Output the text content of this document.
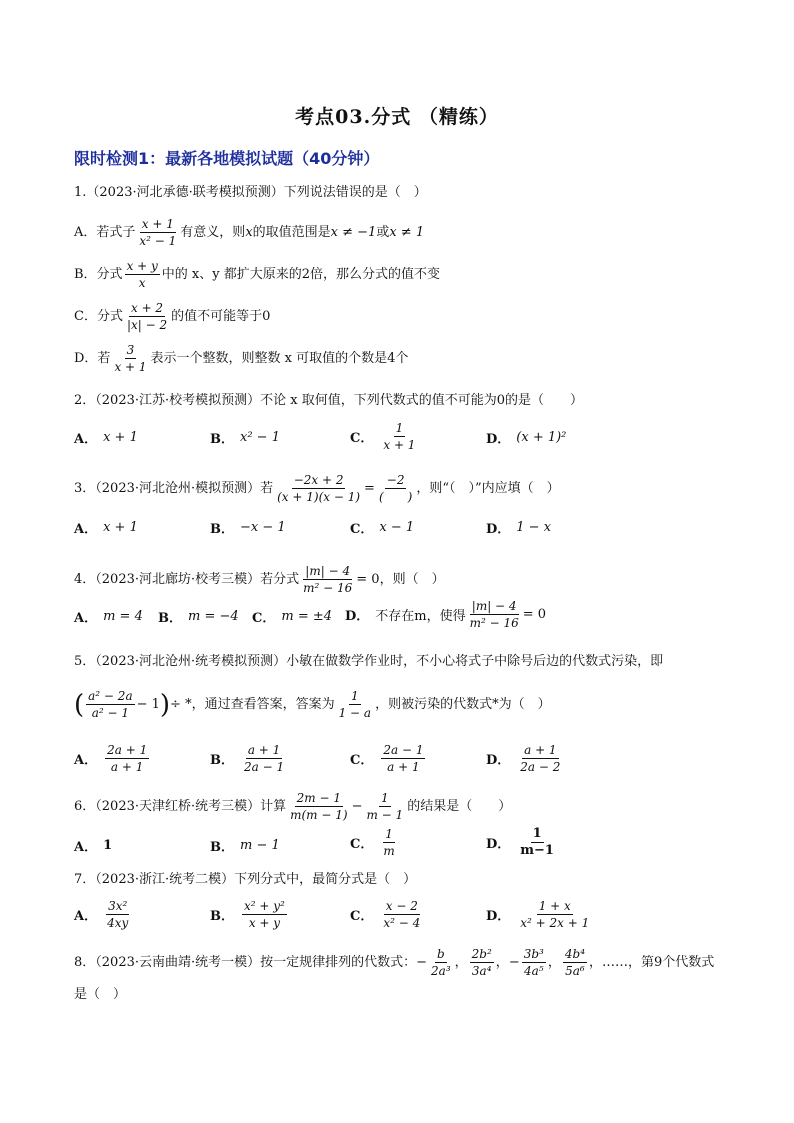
考点03.分式 （精练）
限时检测1：最新各地模拟试题（40分钟）
1.（2023·河北承德·联考模拟预测）下列说法错误的是（　）
A．若式子 $\frac{x + 1}{\text{x² − 1}}$ 有意义，则 x 的取值范围是 x ≠ −1 或 x ≠ 1
B．分式 $\frac{x + y}{x}$ 中的 x、y 都扩大原来的2倍，那么分式的值不变
C．分式 $\frac{x + 2}{|x| - 2}$ 的值不可能等于0
D．若 $\frac{3}{x + 1}$ 表示一个整数，则整数 x 可取值的个数是4个
2．（2023·江苏·校考模拟预测）不论 x 取何值，下列代数式的值不可能为0的是（　　）
A． x + 1	B． x² − 1	C． $\frac{1}{x + 1}$	D． (x + 1)²
3．（2023·河北沧州·模拟预测）若 $\frac{-2x + 2}{(x + 1)(x - 1)} = \frac{-2}{( )}$ ，则“（　）”内应填（　）
A． x + 1	B． −x − 1	C． x − 1	D． 1 − x
4．（2023·河北廊坊·校考三模）若分式 $\frac{|m| - 4}{\text{m² − 16}} = 0$，则（　）
A． m = 4 B． m = −4 C． m = ±4 D． 不存在m，使得 $\frac{|m| - 4}{\text{m² − 16}} = 0$
5．（2023·河北沧州·统考模拟预测）小敏在做数学作业时，不小心将式子中除号后边的代数式污染，即
( $\frac{\text{a² − 2a}}{\text{a² − 1}} - 1$ ) ÷ *，通过查看答案，答案为 $\frac{1}{1 - a}$ ，则被污染的代数式*为（　）
A． $\frac{2a + 1}{a + 1}$	B． $\frac{a + 1}{2a - 1}$	C． $\frac{2a - 1}{a + 1}$	D． $\frac{a + 1}{2a - 2}$
6．（2023·天津红桥·统考三模）计算 $\frac{2m - 1}{m(m - 1)} - \frac{1}{m - 1}$ 的结果是（　　）
A． 1	B． m − 1	C． $\frac{1}{m}$	D． $\frac{1}{m-1}$
7．（2023·浙江·统考二模）下列分式中，最简分式是（　）
A． $\frac{\text{3x²}}{4xy}$	B． $\frac{\text{x² + y²}}{x + y}$	C． $\frac{x - 2}{\text{x² − 4}}$	D． $\frac{1 + x}{\text{x² + 2x + 1}}$
8．（2023·云南曲靖·统考一模）按一定规律排列的代数式： − $\frac{b}{\text{2a³}}$ ， $\frac{\text{2b²}}{\text{3a⁴}}$ ， − $\frac{\text{3b³}}{\text{4a⁵}}$ ， $\frac{\text{4b⁴}}{\text{5a⁶}}$ ，……，第9个代数式
是（　）
